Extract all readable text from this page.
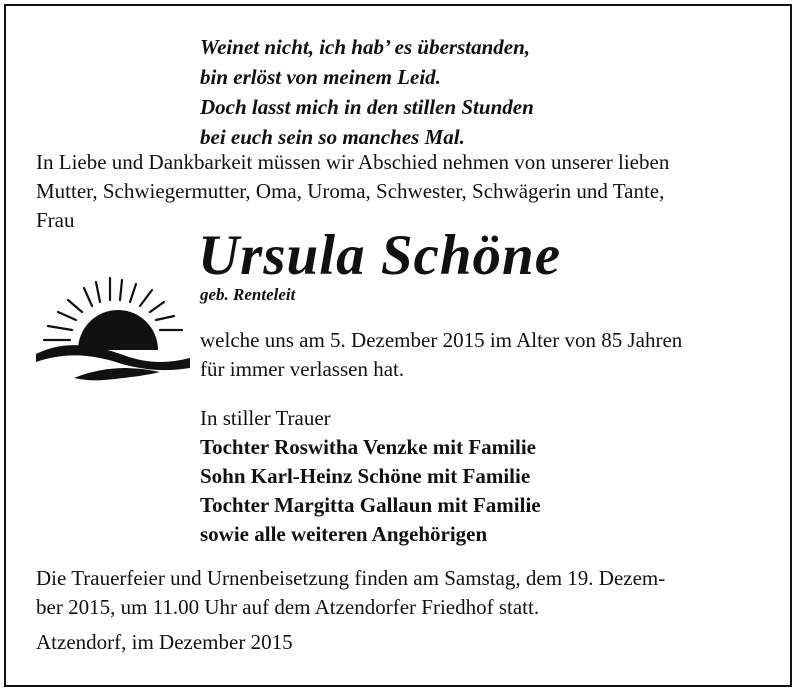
Weinet nicht, ich hab’ es überstanden,
bin erlöst von meinem Leid.
Doch lasst mich in den stillen Stunden
bei euch sein so manches Mal.
In Liebe und Dankbarkeit müssen wir Abschied nehmen von unserer lieben
Mutter, Schwiegermutter, Oma, Uroma, Schwester, Schwägerin und Tante,
Frau
Ursula Schöne
geb. Renteleit
welche uns am 5. Dezember 2015 im Alter von 85 Jahren
für immer verlassen hat.
In stiller Trauer
Tochter Roswitha Venzke mit Familie
Sohn Karl-Heinz Schöne mit Familie
Tochter Margitta Gallaun mit Familie
sowie alle weiteren Angehörigen
Die Trauerfeier und Urnenbeisetzung finden am Samstag, dem 19. Dezem-
ber 2015, um 11.00 Uhr auf dem Atzendorfer Friedhof statt.
Atzendorf, im Dezember 2015
